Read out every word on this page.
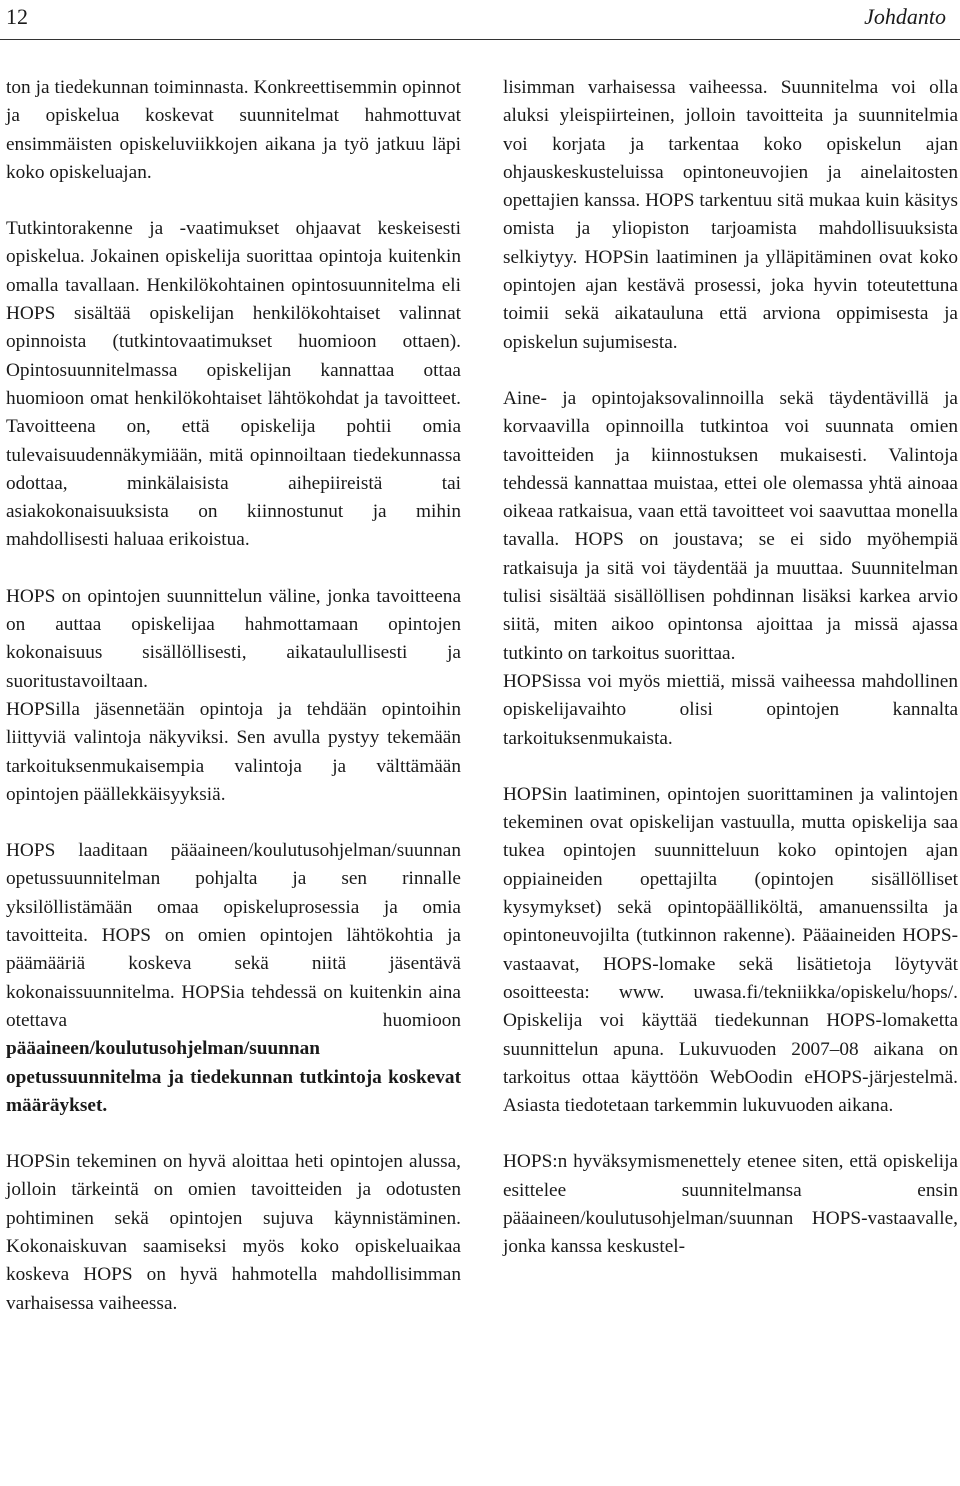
12	Johdanto

ton ja tiedekunnan toiminnasta. Konkreettisemmin opinnot ja opiskelua koskevat suunnitelmat hahmottuvat ensimmäisten opiskeluviikkojen aikana ja työ jatkuu läpi koko opiskeluajan.

Tutkintorakenne ja -vaatimukset ohjaavat keskeisesti opiskelua. Jokainen opiskelija suorittaa opintoja kuitenkin omalla tavallaan. Henkilökohtainen opintosuunnitelma eli HOPS sisältää opiskelijan henkilökohtaiset valinnat opinnoista (tutkintovaatimukset huomioon ottaen). Opintosuunnitelmassa opiskelijan kannattaa ottaa huomioon omat henkilökohtaiset lähtökohdat ja tavoitteet. Tavoitteena on, että opiskelija pohtii omia tulevaisuudennäkymiään, mitä opinnoiltaan tiedekunnassa odottaa, minkälaisista aihepiireistä tai asiakokonaisuuksista on kiinnostunut ja mihin mahdollisesti haluaa erikoistua.

HOPS on opintojen suunnittelun väline, jonka tavoitteena on auttaa opiskelijaa hahmottamaan opintojen kokonaisuus sisällöllisesti, aikataulullisesti ja suoritustavoiltaan.

HOPSilla jäsennetään opintoja ja tehdään opintoihin liittyviä valintoja näkyviksi. Sen avulla pystyy tekemään tarkoituksenmukaisempia valintoja ja välttämään opintojen päällekkäisyyksiä.

HOPS laaditaan pääaineen/koulutusohjelman/suunnan opetussuunnitelman pohjalta ja sen rinnalle yksilöllistämään omaa opiskeluprosessia ja omia tavoitteita. HOPS on omien opintojen lähtökohtia ja päämääriä koskeva sekä niitä jäsentävä kokonaissuunnitelma. HOPSia tehdessä on kuitenkin aina otettava huomioon pääaineen/koulutusohjelman/suunnan opetussuunnitelma ja tiedekunnan tutkintoja koskevat määräykset.

HOPSin tekeminen on hyvä aloittaa heti opintojen alussa, jolloin tärkeintä on omien tavoitteiden ja odotusten pohtiminen sekä opintojen sujuva käynnistäminen. Kokonaiskuvan saamiseksi myös koko opiskeluaikaa koskeva HOPS on hyvä hahmotella mahdollisimman varhaisessa vaiheessa.

lisimman varhaisessa vaiheessa. Suunnitelma voi olla aluksi yleispiirteinen, jolloin tavoitteita ja suunnitelmia voi korjata ja tarkentaa koko opiskelun ajan ohjauskeskusteluissa opintoneuvojien ja ainelaitosten opettajien kanssa. HOPS tarkentuu sitä mukaa kuin käsitys omista ja yliopiston tarjoamista mahdollisuuksista selkiytyy. HOPSin laatiminen ja ylläpitäminen ovat koko opintojen ajan kestävä prosessi, joka hyvin toteutettuna toimii sekä aikatauluna että arviona oppimisesta ja opiskelun sujumisesta.

Aine- ja opintojaksovalinnoilla sekä täydentävillä ja korvaavilla opinnoilla tutkintoa voi suunnata omien tavoitteiden ja kiinnostuksen mukaisesti. Valintoja tehdessä kannattaa muistaa, ettei ole olemassa yhtä ainoaa oikeaa ratkaisua, vaan että tavoitteet voi saavuttaa monella tavalla. HOPS on joustava; se ei sido myöhempiä ratkaisuja ja sitä voi täydentää ja muuttaa. Suunnitelman tulisi sisältää sisällöllisen pohdinnan lisäksi karkea arvio siitä, miten aikoo opintonsa ajoittaa ja missä ajassa tutkinto on tarkoitus suorittaa.

HOPSissa voi myös miettiä, missä vaiheessa mahdollinen opiskelijavaihto olisi opintojen kannalta tarkoituksenmukaista.

HOPSin laatiminen, opintojen suorittaminen ja valintojen tekeminen ovat opiskelijan vastuulla, mutta opiskelija saa tukea opintojen suunnitteluun koko opintojen ajan oppiaineiden opettajilta (opintojen sisällölliset kysymykset) sekä opintopäälliköltä, amanuenssilta ja opintoneuvojilta (tutkinnon rakenne). Pääaineiden HOPS-vastaavat, HOPS-lomake sekä lisätietoja löytyvät osoitteesta: www. uwasa.fi/tekniikka/opiskelu/hops/. Opiskelija voi käyttää tiedekunnan HOPS-lomaketta suunnittelun apuna. Lukuvuoden 2007–08 aikana on tarkoitus ottaa käyttöön WebOodin eHOPS-järjestelmä. Asiasta tiedotetaan tarkemmin lukuvuoden aikana.

HOPS:n hyväksymismenettely etenee siten, että opiskelija esittelee suunnitelmansa ensin pääaineen/koulutusohjelman/suunnan HOPS-vastaavalle, jonka kanssa keskustel-
